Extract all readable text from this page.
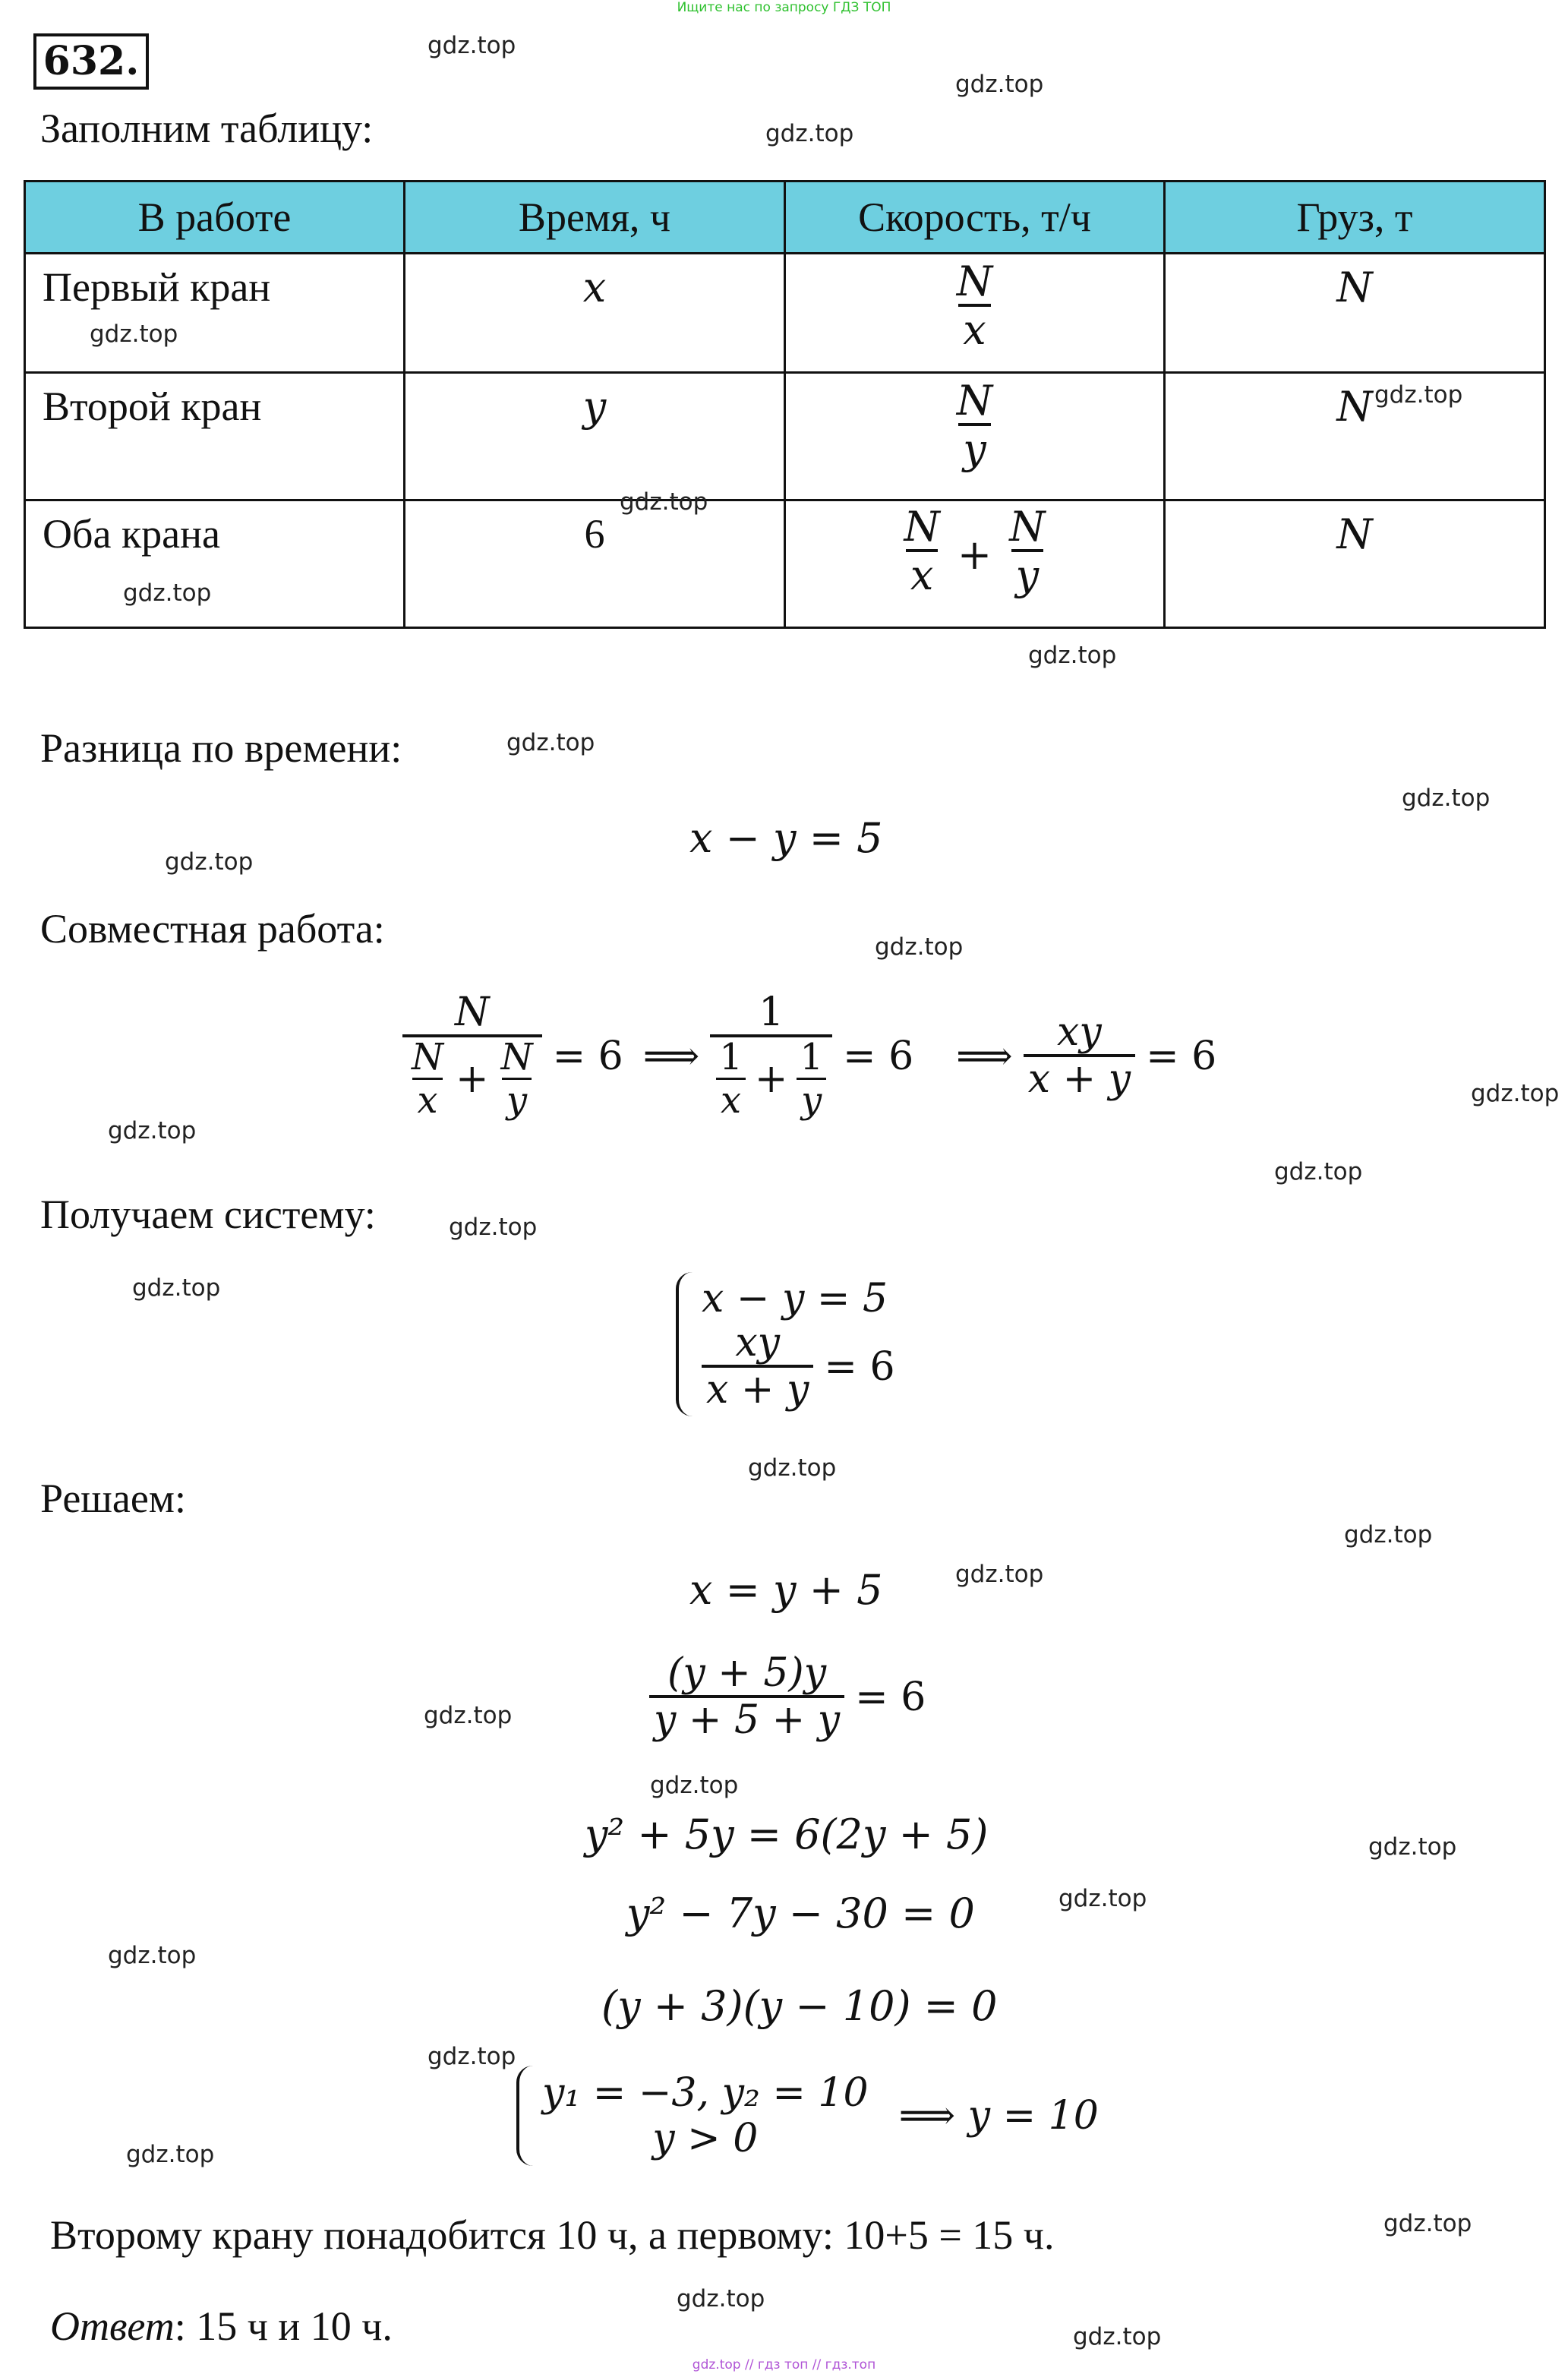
Ищите нас по запросу ГДЗ ТОП
632.
Заполним таблицу:
В работе	Время, ч	Скорость, т/ч	Груз, т
Первый кран	x	$\frac{N}{x}$	N
Второй кран	y	$\frac{N}{y}$	N
Оба крана	6	$\frac{N}{x} + \frac{N}{y}$	N
Разница по времени:
x − y = 5
Совместная работа:
$\frac{N}{\frac{N}{x} + \frac{N}{y}} = 6$ ⟹ $\frac{1}{\frac{1}{x} + \frac{1}{y}} = 6$ ⟹ $\frac{xy}{x + y} = 6$
Получаем систему:
x − y = 5
$\frac{xy}{x + y} = 6$
Решаем:
x = y + 5
$\frac{(y + 5)y}{y + 5 + y} = 6$
y² + 5y = 6(2y + 5)
y² − 7y − 30 = 0
(y + 3)(y − 10) = 0
y₁ = −3, y₂ = 10
y > 0	⟹ y = 10
Второму крану понадобится 10 ч, а первому: 10+5 = 15 ч.
Ответ: 15 ч и 10 ч.
gdz.top
gdz.top
gdz.top
gdz.top
gdz.top
gdz.top
gdz.top
gdz.top
gdz.top
gdz.top
gdz.top
gdz.top
gdz.top
gdz.top
gdz.top
gdz.top
gdz.top
gdz.top
gdz.top
gdz.top
gdz.top
gdz.top
gdz.top
gdz.top
gdz.top
gdz.top
gdz.top
gdz.top
gdz.top
gdz.top
gdz.top // гдз топ // гдз.топ
